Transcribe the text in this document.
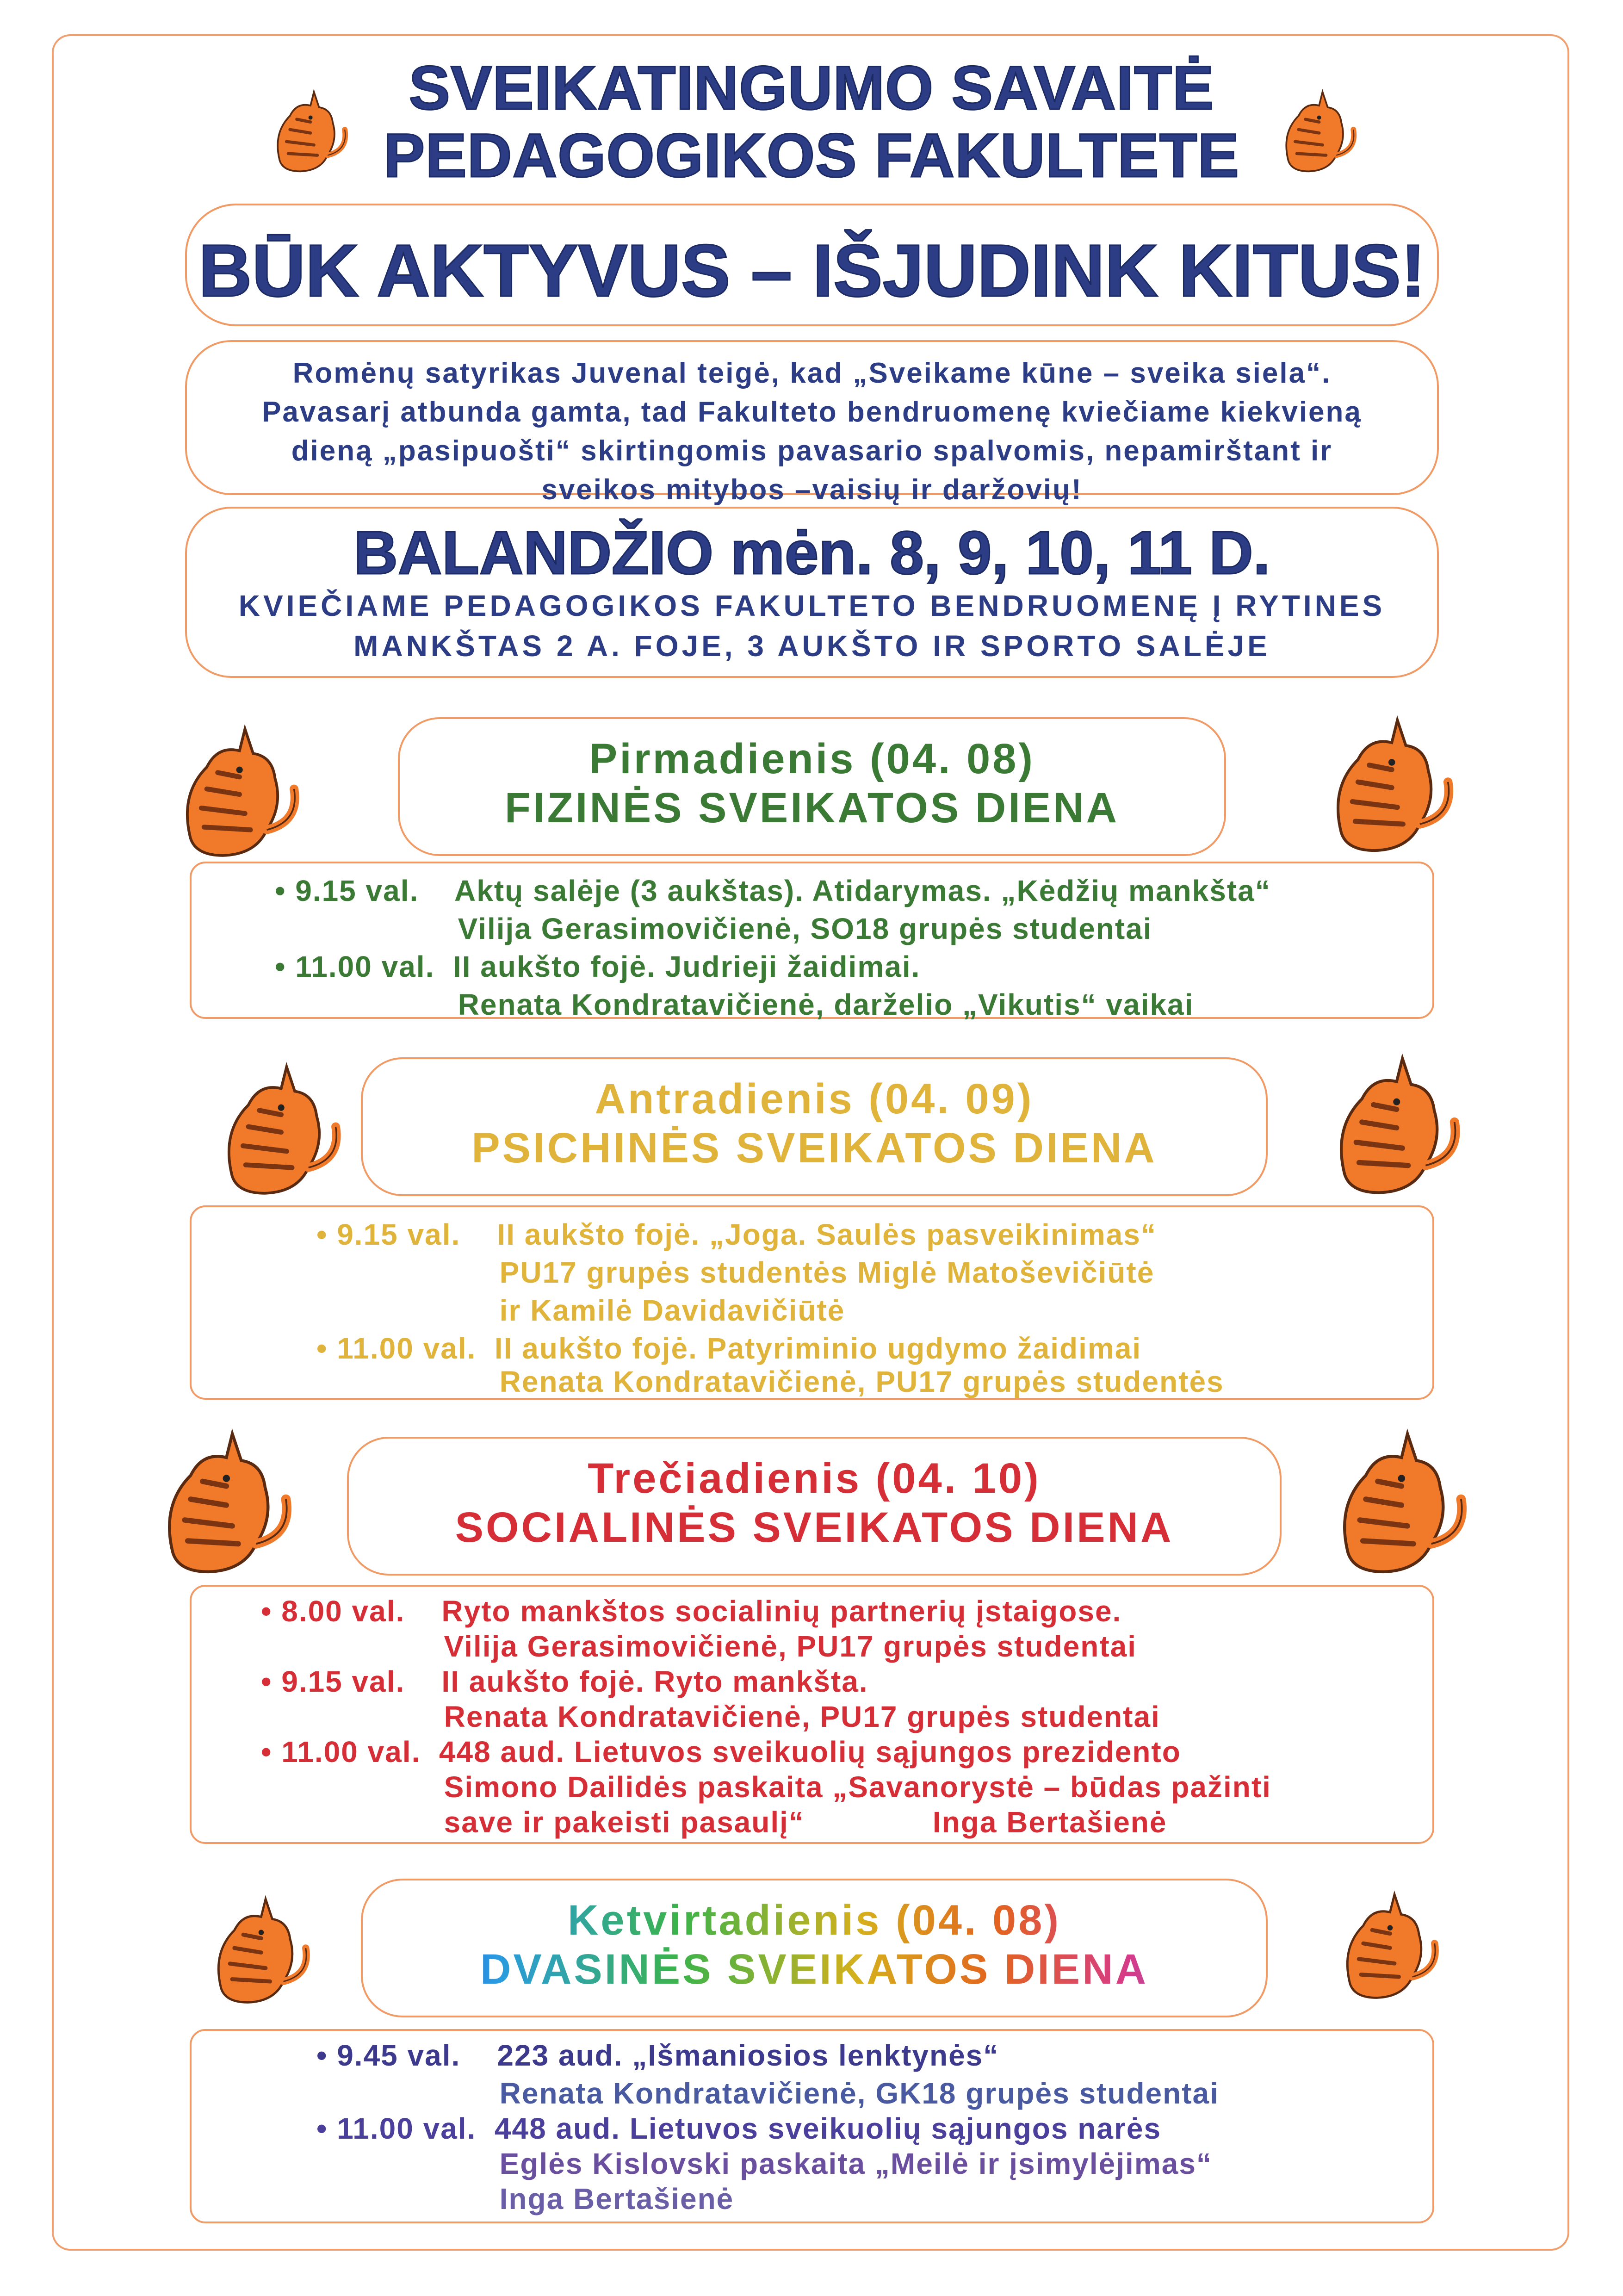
SVEIKATINGUMO SAVAITĖ
PEDAGOGIKOS FAKULTETE
BŪK AKTYVUS – IŠJUDINK KITUS!
Romėnų satyrikas Juvenal teigė, kad „Sveikame kūne – sveika siela“.
Pavasarį atbunda gamta, tad Fakulteto bendruomenę kviečiame kiekvieną
dieną „pasipuošti“ skirtingomis pavasario spalvomis, nepamirštant ir
sveikos mitybos –vaisių ir daržovių!
BALANDŽIO mėn. 8, 9, 10, 11 D.
KVIEČIAME PEDAGOGIKOS FAKULTETO BENDRUOMENĘ Į RYTINES
MANKŠTAS 2 A. FOJE, 3 AUKŠTO IR SPORTO SALĖJE
Pirmadienis (04. 08)
FIZINĖS SVEIKATOS DIENA
• 9.15 val.    Aktų salėje (3 aukštas). Atidarymas. „Kėdžių mankšta“
Vilija Gerasimovičienė, SO18 grupės studentai
• 11.00 val.  II aukšto fojė. Judrieji žaidimai.
Renata Kondratavičienė, darželio „Vikutis“ vaikai
Antradienis (04. 09)
PSICHINĖS SVEIKATOS DIENA
• 9.15 val.    II aukšto fojė. „Joga. Saulės pasveikinimas“
PU17 grupės studentės Miglė Matoševičiūtė
ir Kamilė Davidavičiūtė
• 11.00 val.  II aukšto fojė. Patyriminio ugdymo žaidimai
Renata Kondratavičienė, PU17 grupės studentės
Trečiadienis (04. 10)
SOCIALINĖS SVEIKATOS DIENA
• 8.00 val.    Ryto mankštos socialinių partnerių įstaigose.
Vilija Gerasimovičienė, PU17 grupės studentai
• 9.15 val.    II aukšto fojė. Ryto mankšta.
Renata Kondratavičienė, PU17 grupės studentai
• 11.00 val.  448 aud. Lietuvos sveikuolių sąjungos prezidento
Simono Dailidės paskaita „Savanorystė – būdas pažinti
save ir pakeisti pasaulį“              Inga Bertašienė
Ketvirtadienis (04. 08)
DVASINĖS SVEIKATOS DIENA
• 9.45 val.    223 aud. „Išmaniosios lenktynės“
Renata Kondratavičienė, GK18 grupės studentai
• 11.00 val.  448 aud. Lietuvos sveikuolių sąjungos narės
Eglės Kislovski paskaita „Meilė ir įsimylėjimas“
Inga Bertašienė
